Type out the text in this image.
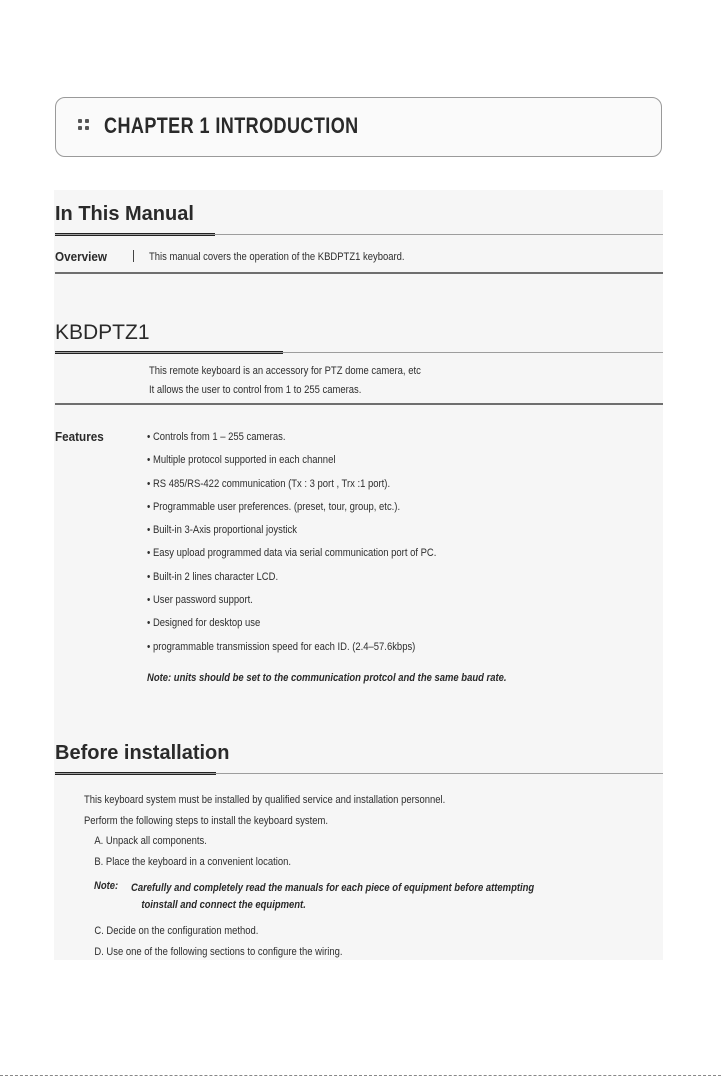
CHAPTER 1 INTRODUCTION
In This Manual
Overview	This manual covers the operation of the KBDPTZ1 keyboard.
KBDPTZ1
This remote keyboard is an accessory for PTZ dome camera, etc
It allows the user to control from 1 to 255 cameras.
Features
•	Controls from 1 – 255 cameras.
• Multiple protocol supported in each channel
• RS 485/RS-422 communication (Tx : 3 port , Trx :1 port).
• Programmable user preferences. (preset, tour, group, etc.).
• Built-in 3-Axis proportional joystick
• Easy upload programmed data via serial communication port of PC.
• Built-in 2 lines character LCD.
• User password support.
• Designed for desktop use
• programmable transmission speed for each ID. (2.4–57.6kbps)
Note: units should be set to the communication protcol and the same baud rate.
Before installation
This keyboard system must be installed by qualified service and installation personnel.
Perform the following steps to install the keyboard system.
A. Unpack all components.
B. Place the keyboard in a convenient location.
Note: Carefully and completely read the manuals for each piece of equipment before attempting
toinstall and connect the equipment.
C. Decide on the configuration method.
D. Use one of the following sections to configure the wiring.
